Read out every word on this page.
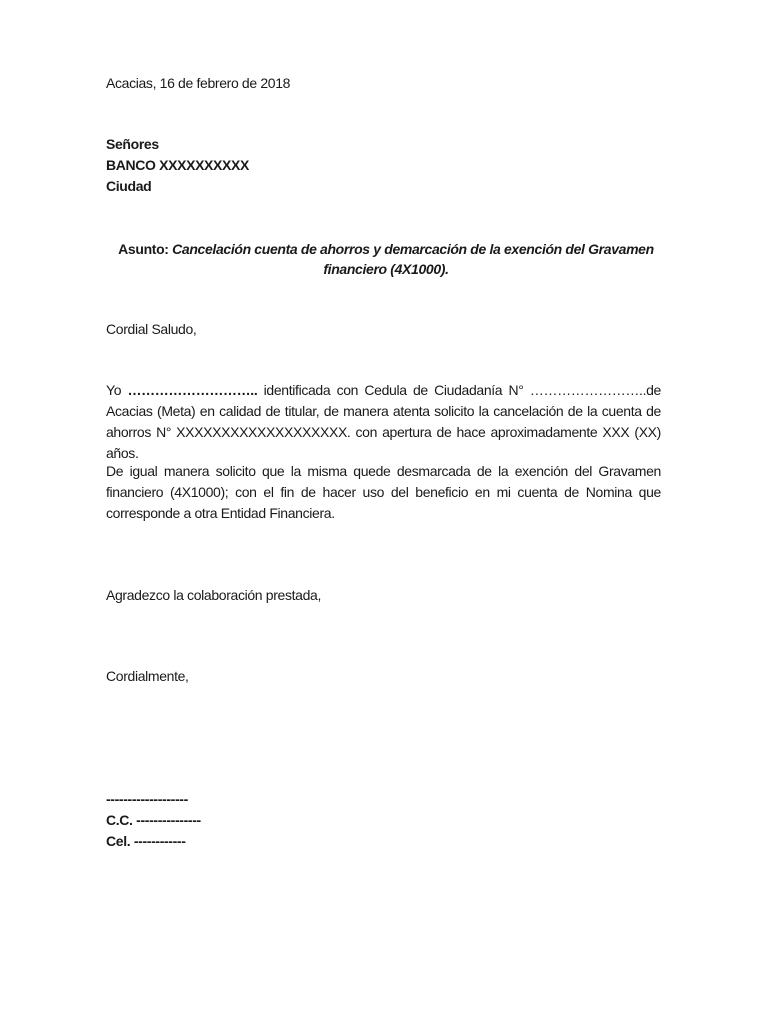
Acacias, 16 de febrero de 2018

Señores
BANCO XXXXXXXXXX
Ciudad
Asunto: Cancelación cuenta de ahorros y demarcación de la exención del Gravamen
financiero (4X1000).

Cordial Saludo,

Yo ……………………….. identificada con Cedula de Ciudadanía N° ……………………..de Acacias (Meta) en calidad de titular, de manera atenta solicito la cancelación de la cuenta de ahorros N° XXXXXXXXXXXXXXXXXXX. con apertura de hace aproximadamente XXX (XX) años.

De igual manera solicito que la misma quede desmarcada de la exención del Gravamen financiero (4X1000); con el fin de hacer uso del beneficio en mi cuenta de Nomina que corresponde a otra Entidad Financiera.

Agradezco la colaboración prestada,

Cordialmente,

-------------------
C.C. ---------------
Cel. ------------
